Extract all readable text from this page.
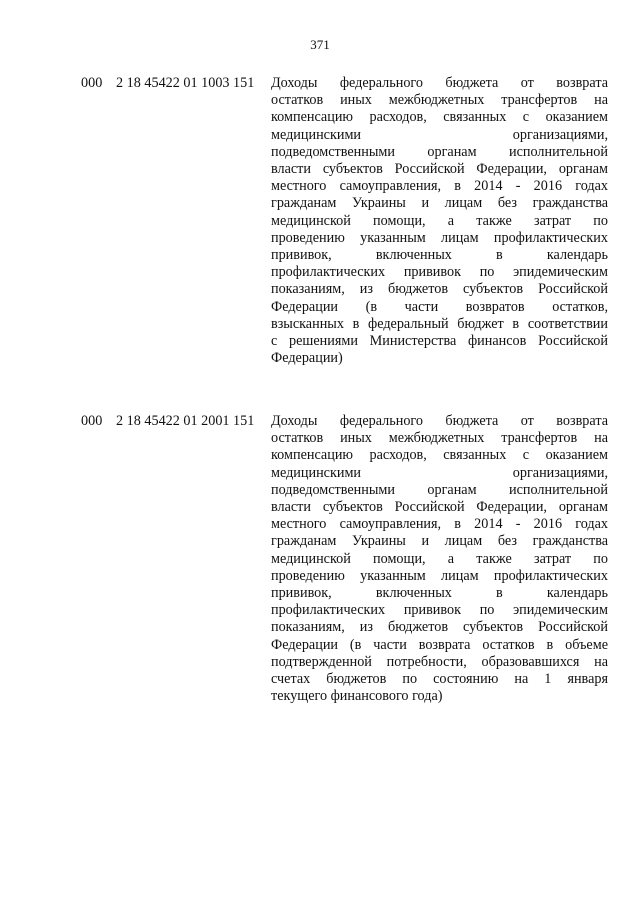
371
000 2 18 45422 01 1003 151 Доходы федерального бюджета от возврата
остатков иных межбюджетных трансфертов на
компенсацию расходов, связанных с оказанием
медицинскими организациями,
подведомственными органам исполнительной
власти субъектов Российской Федерации, органам
местного самоуправления, в 2014 - 2016 годах
гражданам Украины и лицам без гражданства
медицинской помощи, а также затрат по
проведению указанным лицам профилактических
прививок, включенных в календарь
профилактических прививок по эпидемическим
показаниям, из бюджетов субъектов Российской
Федерации (в части возвратов остатков,
взысканных в федеральный бюджет в соответствии
с решениями Министерства финансов Российской
Федерации)
000 2 18 45422 01 2001 151 Доходы федерального бюджета от возврата
остатков иных межбюджетных трансфертов на
компенсацию расходов, связанных с оказанием
медицинскими организациями,
подведомственными органам исполнительной
власти субъектов Российской Федерации, органам
местного самоуправления, в 2014 - 2016 годах
гражданам Украины и лицам без гражданства
медицинской помощи, а также затрат по
проведению указанным лицам профилактических
прививок, включенных в календарь
профилактических прививок по эпидемическим
показаниям, из бюджетов субъектов Российской
Федерации (в части возврата остатков в объеме
подтвержденной потребности, образовавшихся на
счетах бюджетов по состоянию на 1 января
текущего финансового года)
